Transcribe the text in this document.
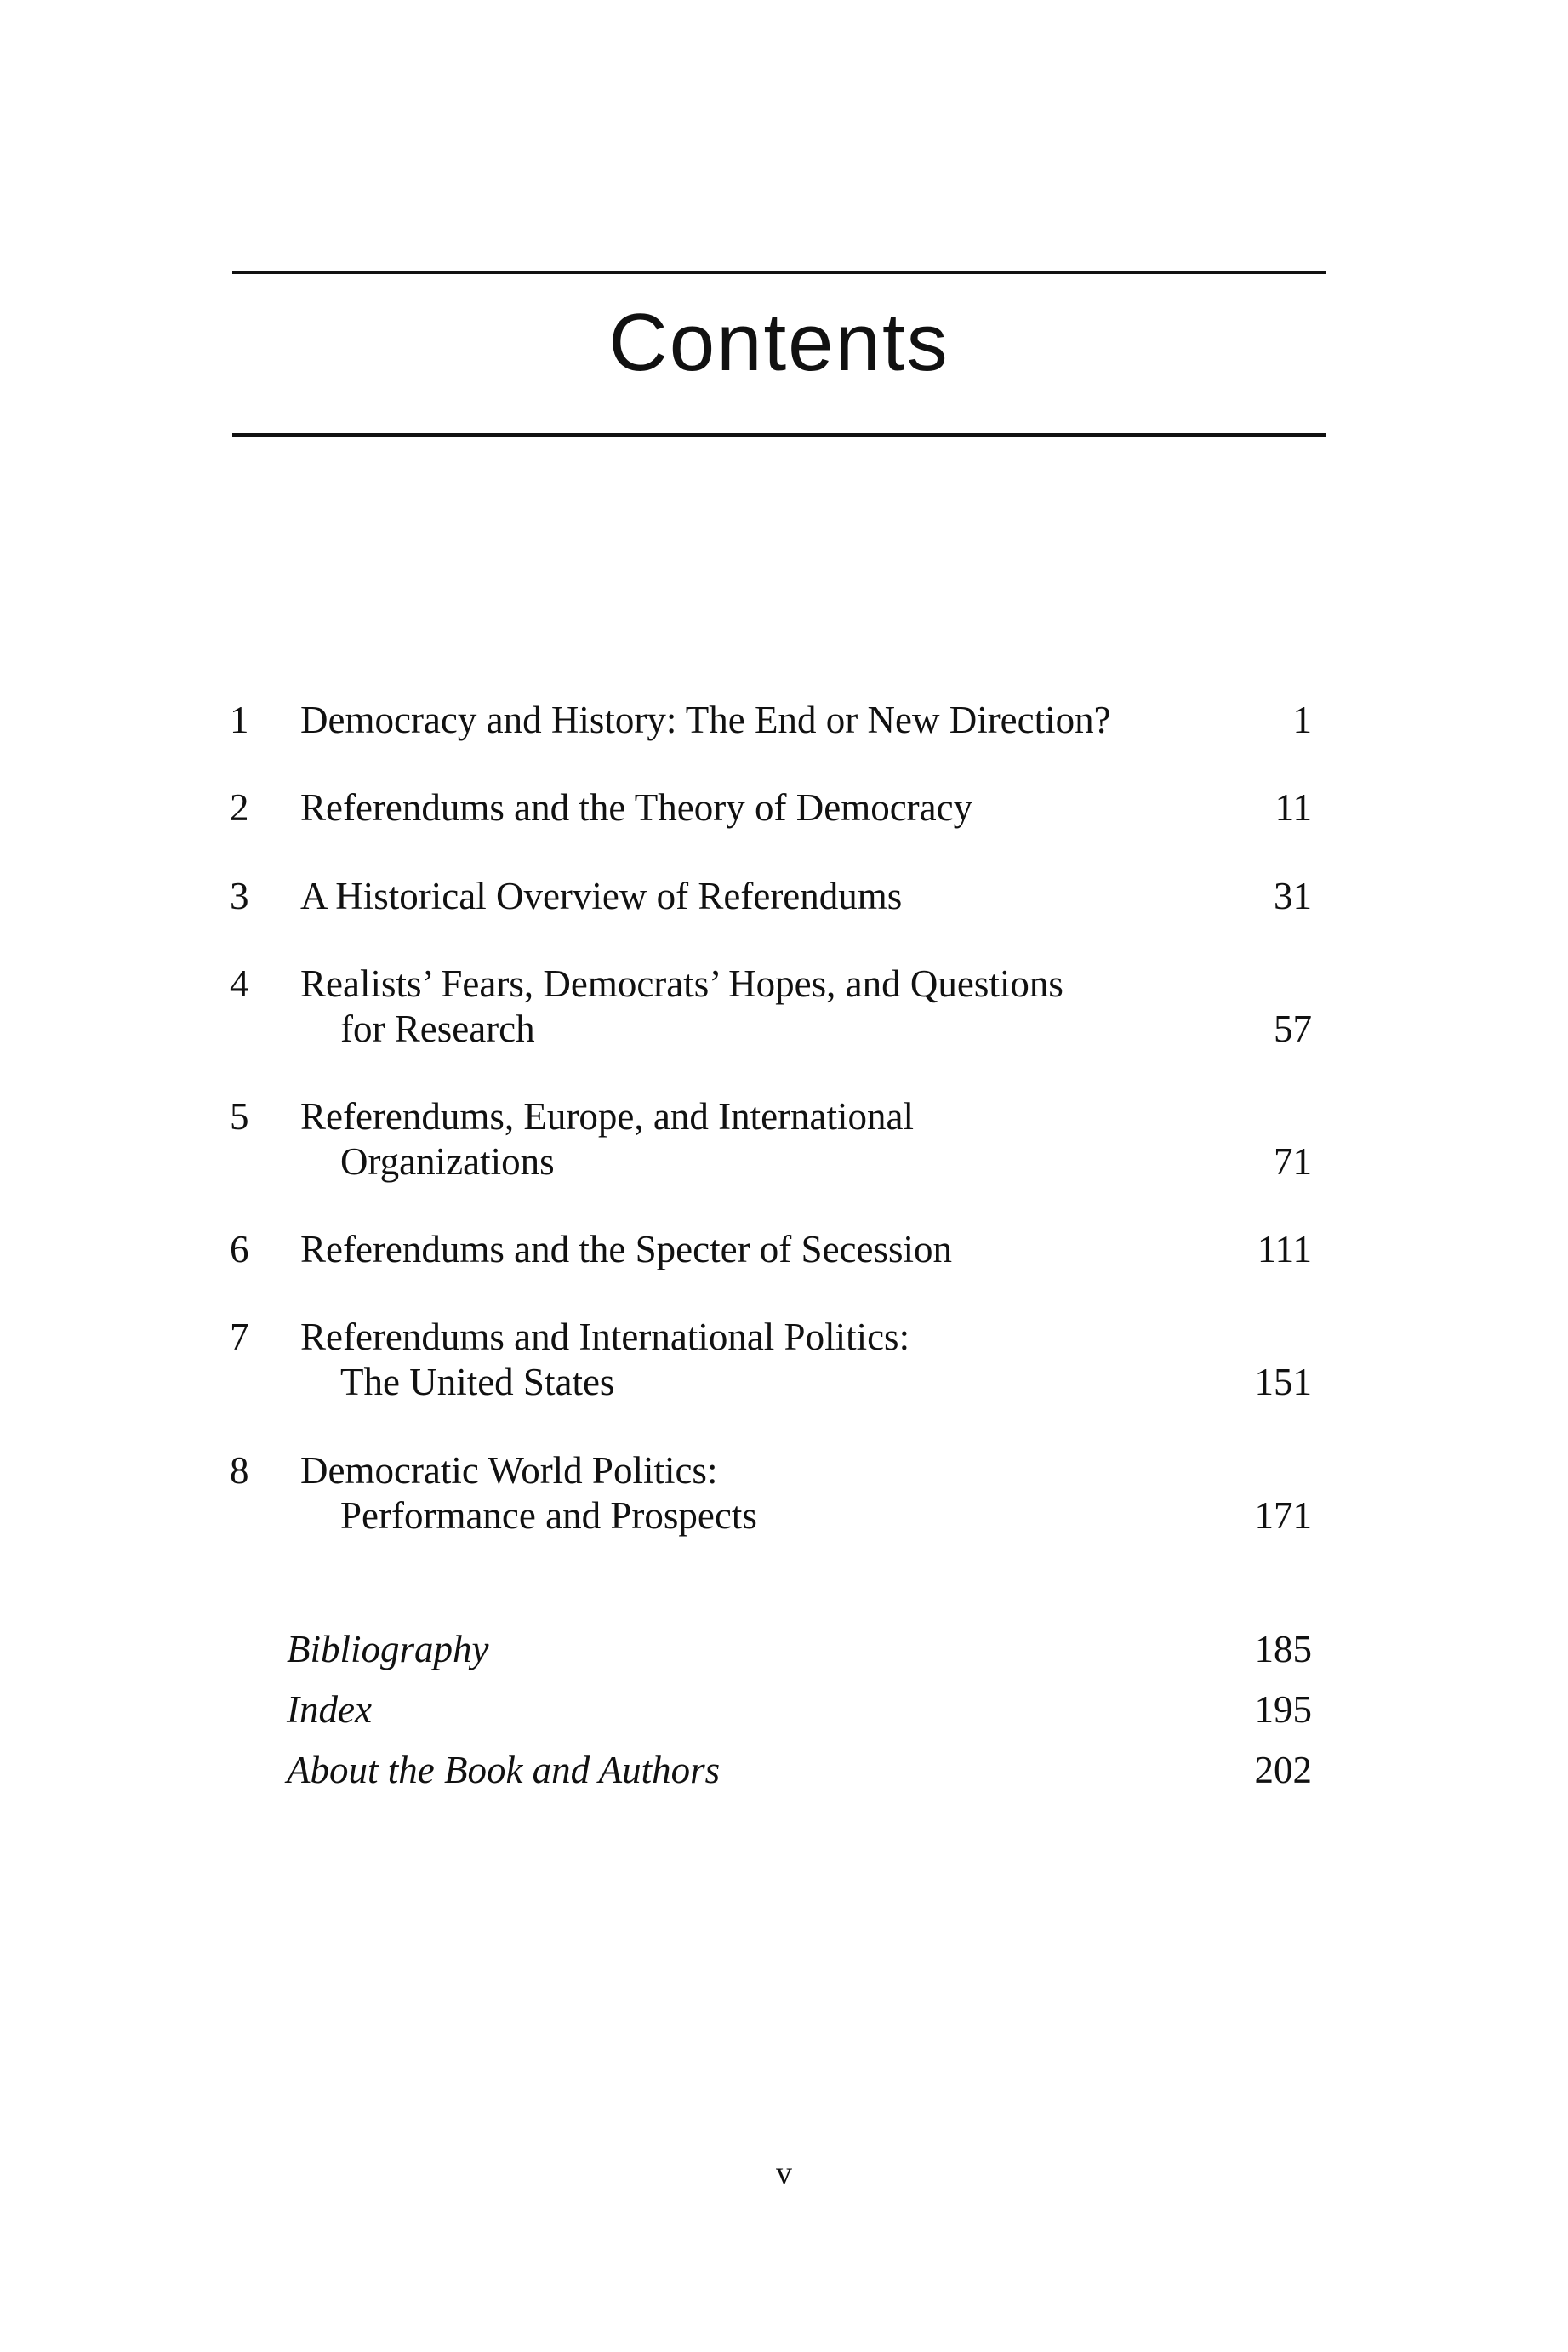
Contents
1 Democracy and History: The End or New Direction?	1
2 Referendums and the Theory of Democracy	11
3 A Historical Overview of Referendums	31
4 Realists’ Fears, Democrats’ Hopes, and Questions
for Research	57
5 Referendums, Europe, and International
Organizations	71
6 Referendums and the Specter of Secession	111
7 Referendums and International Politics:
The United States	151
8 Democratic World Politics:
Performance and Prospects	171
Bibliography	185
Index	195
About the Book and Authors	202
v
